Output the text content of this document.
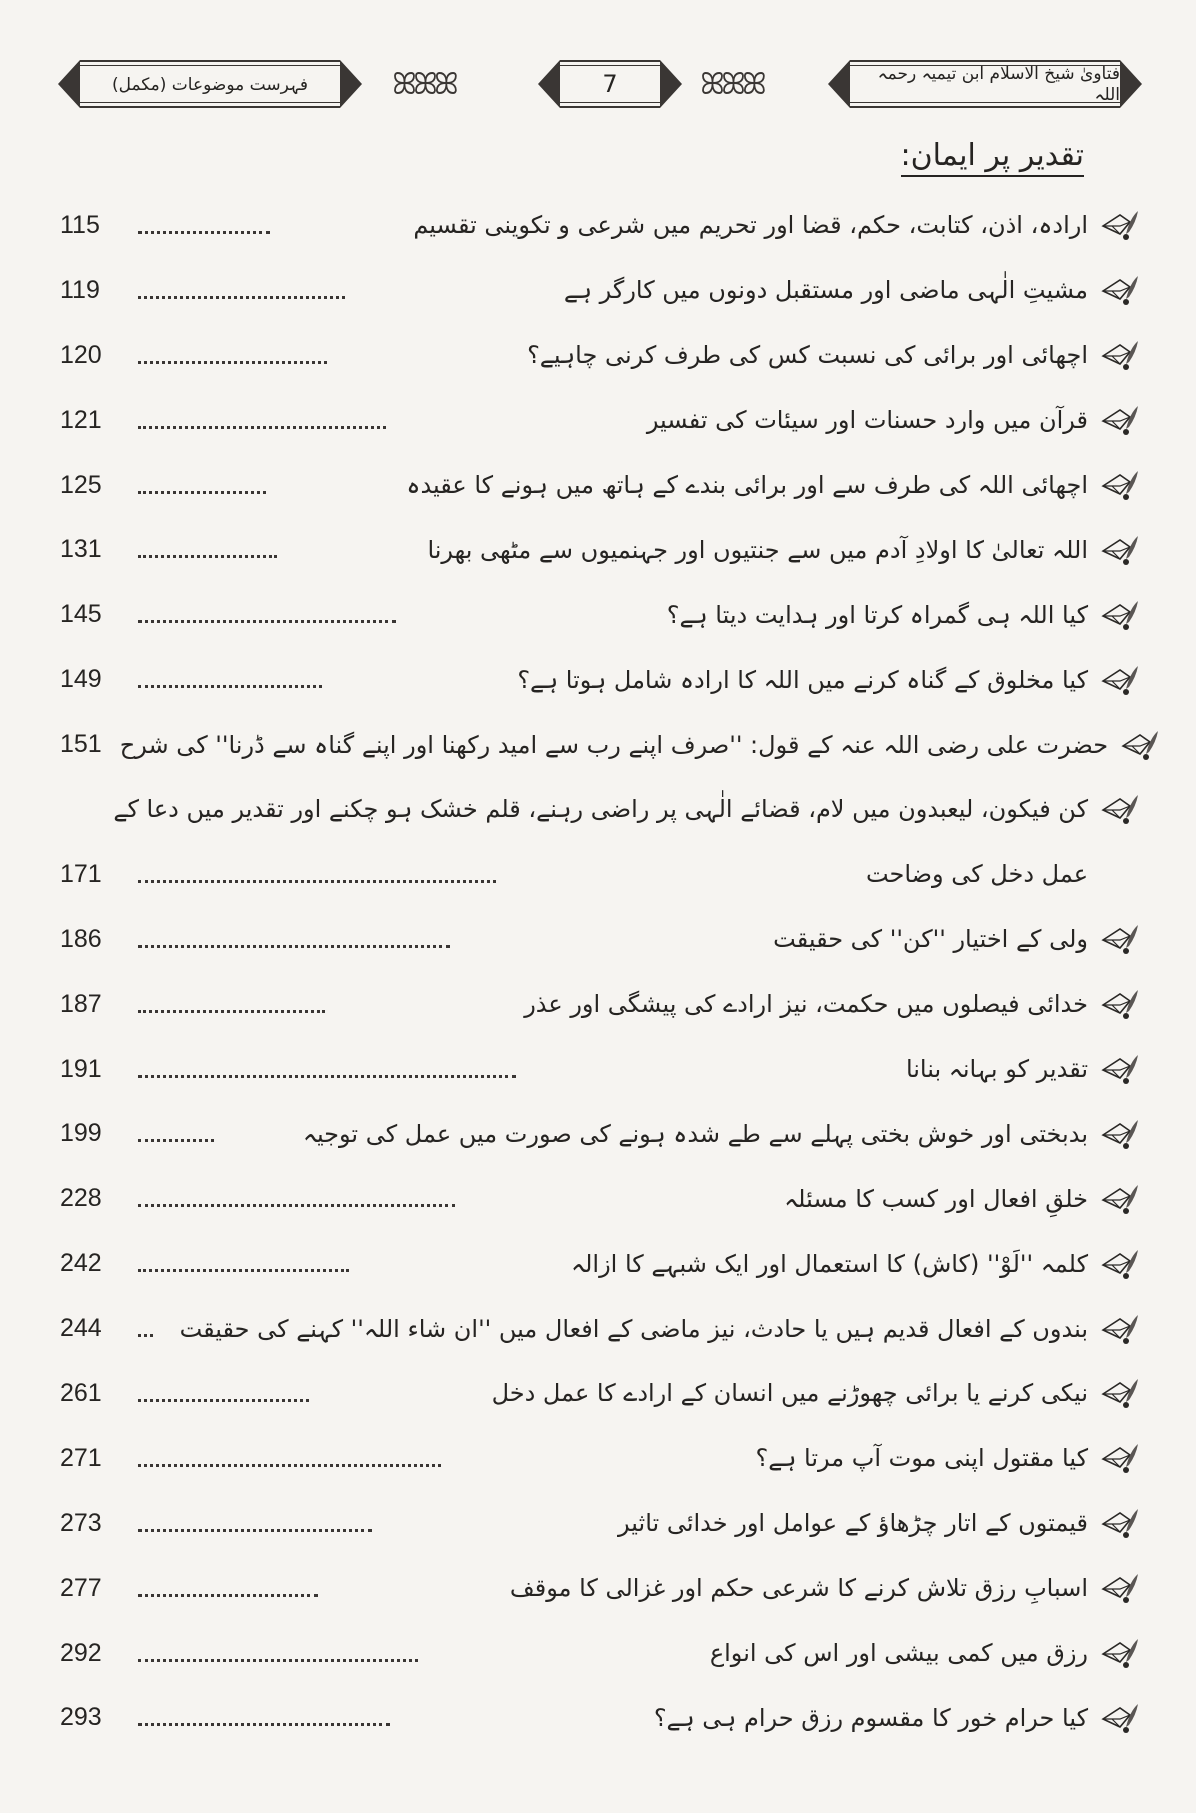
فتاویٰ شیخ الاسلام ابن تیمیہ رحمہ اللہ
ꕤꕤꕤ	7	ꕤꕤꕤ
فہرست موضوعات (مکمل)
تقدیر پر ایمان:
115	ارادہ، اذن، کتابت، حکم، قضا اور تحریم میں شرعی و تکوینی تقسیم
119	مشیتِ الٰہی ماضی اور مستقبل دونوں میں کارگر ہے
120	اچھائی اور برائی کی نسبت کس کی طرف کرنی چاہیے؟
121	قرآن میں وارد حسنات اور سیئات کی تفسیر
125	اچھائی اللہ کی طرف سے اور برائی بندے کے ہاتھ میں ہونے کا عقیدہ
131	اللہ تعالیٰ کا اولادِ آدم میں سے جنتیوں اور جہنمیوں سے مٹھی بھرنا
145	کیا اللہ ہی گمراہ کرتا اور ہدایت دیتا ہے؟
149	کیا مخلوق کے گناہ کرنے میں اللہ کا ارادہ شامل ہوتا ہے؟
151 حضرت علی رضی اللہ عنہ کے قول: ''صرف اپنے رب سے امید رکھنا اور اپنے گناہ سے ڈرنا'' کی شرح
کن فیکون، لیعبدون میں لام، قضائے الٰہی پر راضی رہنے، قلم خشک ہو چکنے اور تقدیر میں دعا کے
171	عمل دخل کی وضاحت
186	ولی کے اختیار ''کن'' کی حقیقت
187	خدائی فیصلوں میں حکمت، نیز ارادے کی پیشگی اور عذر
191	تقدیر کو بہانہ بنانا
199	بدبختی اور خوش بختی پہلے سے طے شدہ ہونے کی صورت میں عمل کی توجیہ
228	خلقِ افعال اور کسب کا مسئلہ
242	کلمہ ''لَوْ'' (کاش) کا استعمال اور ایک شبہے کا ازالہ
244	بندوں کے افعال قدیم ہیں یا حادث، نیز ماضی کے افعال میں ''ان شاء اللہ'' کہنے کی حقیقت
261	نیکی کرنے یا برائی چھوڑنے میں انسان کے ارادے کا عمل دخل
271	کیا مقتول اپنی موت آپ مرتا ہے؟
273	قیمتوں کے اتار چڑھاؤ کے عوامل اور خدائی تاثیر
277	اسبابِ رزق تلاش کرنے کا شرعی حکم اور غزالی کا موقف
292	رزق میں کمی بیشی اور اس کی انواع
293	کیا حرام خور کا مقسوم رزق حرام ہی ہے؟
